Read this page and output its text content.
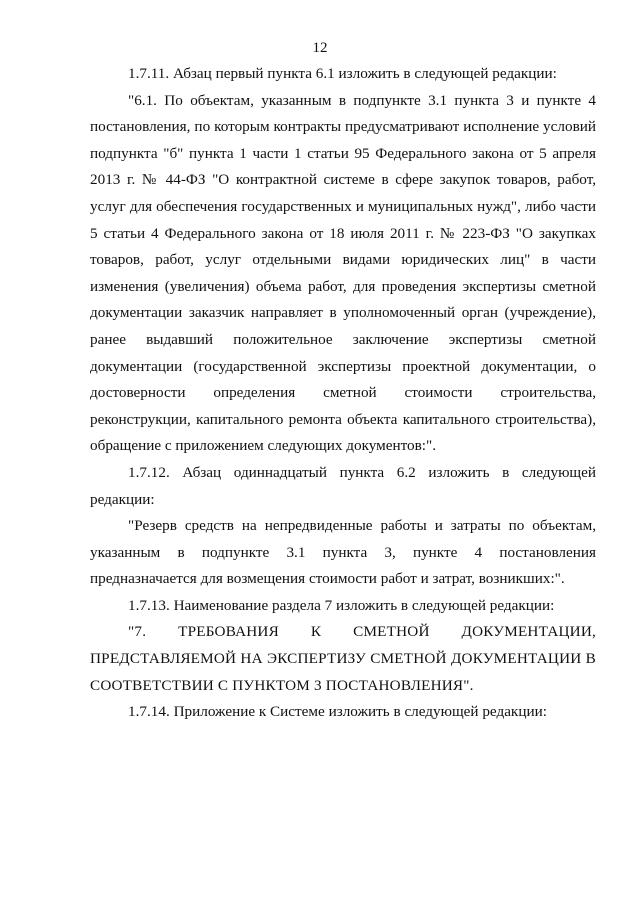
12

1.7.11. Абзац первый пункта 6.1 изложить в следующей редакции:

"6.1. По объектам, указанным в подпункте 3.1 пункта 3 и пункте 4 постановления, по которым контракты предусматривают исполнение условий подпункта "б" пункта 1 части 1 статьи 95 Федерального закона от 5 апреля 2013 г. № 44-ФЗ "О контрактной системе в сфере закупок товаров, работ, услуг для обеспечения государственных и муниципальных нужд", либо части 5 статьи 4 Федерального закона от 18 июля 2011 г. № 223-ФЗ "О закупках товаров, работ, услуг отдельными видами юридических лиц" в части изменения (увеличения) объема работ, для проведения экспертизы сметной документации заказчик направляет в уполномоченный орган (учреждение), ранее выдавший положительное заключение экспертизы сметной документации (государственной экспертизы проектной документации, о достоверности определения сметной стоимости строительства, реконструкции, капитального ремонта объекта капитального строительства), обращение с приложением следующих документов:".

1.7.12. Абзац одиннадцатый пункта 6.2 изложить в следующей редакции:

"Резерв средств на непредвиденные работы и затраты по объектам, указанным в подпункте 3.1 пункта 3, пункте 4 постановления предназначается для возмещения стоимости работ и затрат, возникших:".

1.7.13. Наименование раздела 7 изложить в следующей редакции:

"7. ТРЕБОВАНИЯ К СМЕТНОЙ ДОКУМЕНТАЦИИ, ПРЕДСТАВЛЯЕМОЙ НА ЭКСПЕРТИЗУ СМЕТНОЙ ДОКУМЕНТАЦИИ В СООТВЕТСТВИИ С ПУНКТОМ 3 ПОСТАНОВЛЕНИЯ".

1.7.14. Приложение к Системе изложить в следующей редакции:
